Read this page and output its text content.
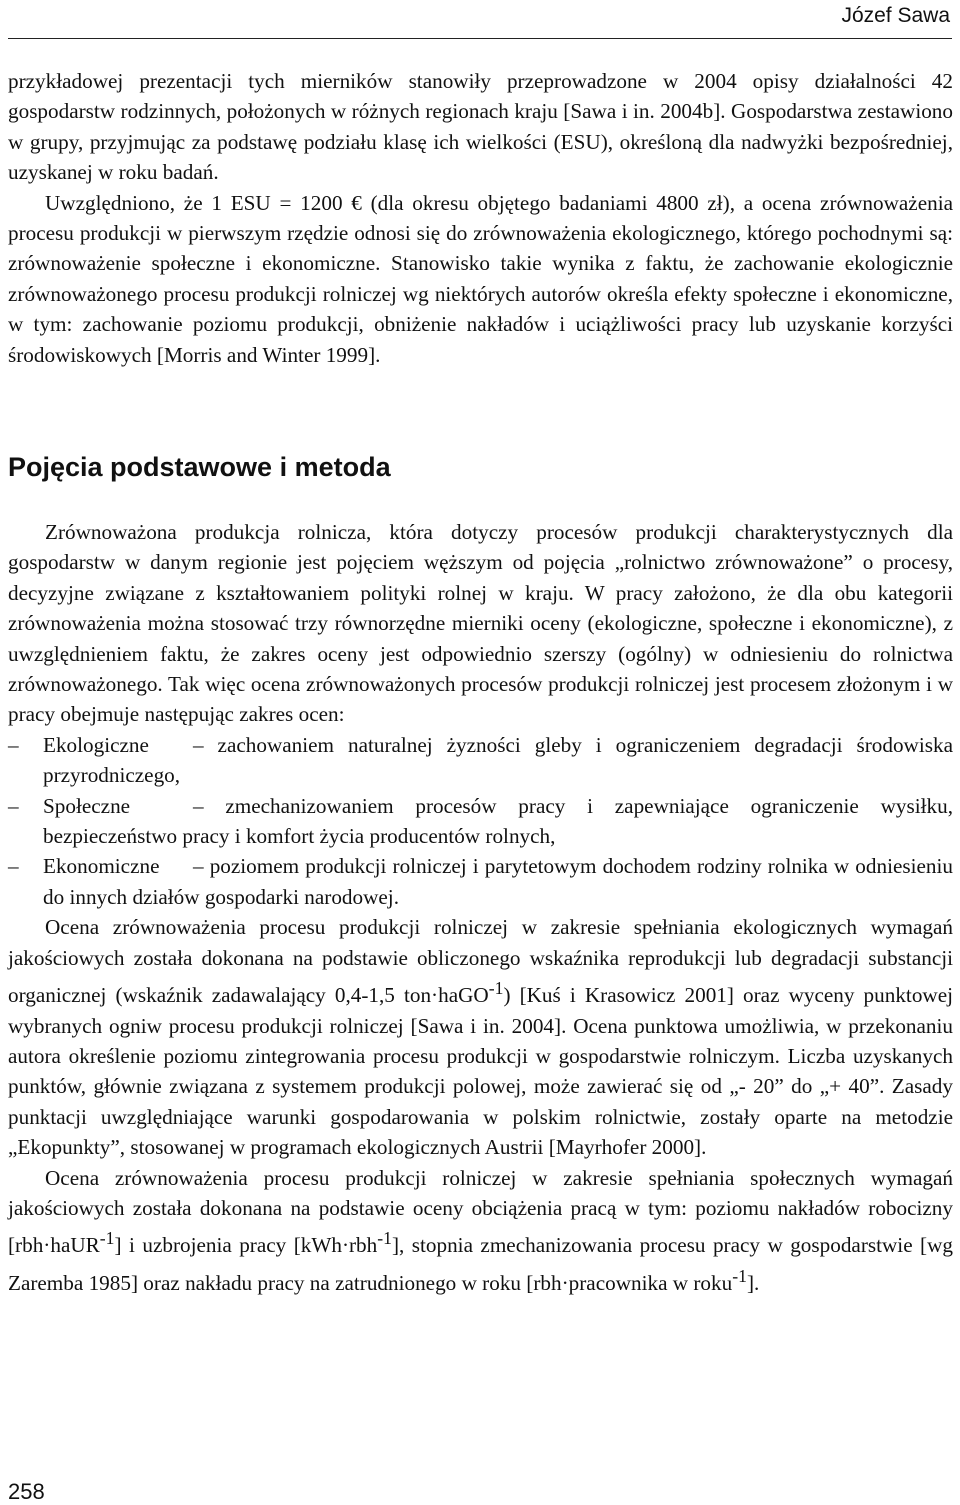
Józef Sawa

przykładowej prezentacji tych mierników stanowiły przeprowadzone w 2004 opisy działalności 42 gospodarstw rodzinnych, położonych w różnych regionach kraju [Sawa i in. 2004b]. Gospodarstwa zestawiono w grupy, przyjmując za podstawę podziału klasę ich wielkości (ESU), określoną dla nadwyżki bezpośredniej, uzyskanej w roku badań.

Uwzględniono, że 1 ESU = 1200 € (dla okresu objętego badaniami 4800 zł), a ocena zrównoważenia procesu produkcji w pierwszym rzędzie odnosi się do zrównoważenia ekologicznego, którego pochodnymi są: zrównoważenie społeczne i ekonomiczne. Stanowisko takie wynika z faktu, że zachowanie ekologicznie zrównoważonego procesu produkcji rolniczej wg niektórych autorów określa efekty społeczne i ekonomiczne, w tym: zachowanie poziomu produkcji, obniżenie nakładów i uciążliwości pracy lub uzyskanie korzyści środowiskowych [Morris and Winter 1999].

Pojęcia podstawowe i metoda

Zrównoważona produkcja rolnicza, która dotyczy procesów produkcji charakterystycznych dla gospodarstw w danym regionie jest pojęciem węższym od pojęcia „rolnictwo zrównoważone” o procesy, decyzyjne związane z kształtowaniem polityki rolnej w kraju. W pracy założono, że dla obu kategorii zrównoważenia można stosować trzy równorzędne mierniki oceny (ekologiczne, społeczne i ekonomiczne), z uwzględnieniem faktu, że zakres oceny jest odpowiednio szerszy (ogólny) w odniesieniu do rolnictwa zrównoważonego. Tak więc ocena zrównoważonych procesów produkcji rolniczej jest procesem złożonym i w pracy obejmuje następując zakres ocen:

– Ekologiczne – zachowaniem naturalnej żyzności gleby i ograniczeniem degradacji środowiska przyrodniczego,
– Społeczne	– zmechanizowaniem procesów pracy i zapewniające ograniczenie wysiłku, bezpieczeństwo pracy i komfort życia producentów rolnych,
– Ekonomiczne – poziomem produkcji rolniczej i parytetowym dochodem rodziny rolnika w odniesieniu do innych działów gospodarki narodowej.

Ocena zrównoważenia procesu produkcji rolniczej w zakresie spełniania ekologicznych wymagań jakościowych została dokonana na podstawie obliczonego wskaźnika reprodukcji lub degradacji substancji organicznej (wskaźnik zadawalający 0,4-1,5 ton·haGO$^{-1}$) [Kuś i Krasowicz 2001] oraz wyceny punktowej wybranych ogniw procesu produkcji rolniczej [Sawa i in. 2004]. Ocena punktowa umożliwia, w przekonaniu autora określenie poziomu zintegrowania procesu produkcji w gospodarstwie rolniczym. Liczba uzyskanych punktów, głównie związana z systemem produkcji polowej, może zawierać się od „- 20” do „+ 40”. Zasady punktacji uwzględniające warunki gospodarowania w polskim rolnictwie, zostały oparte na metodzie „Ekopunkty”, stosowanej w programach ekologicznych Austrii [Mayrhofer 2000].

Ocena zrównoważenia procesu produkcji rolniczej w zakresie spełniania społecznych wymagań jakościowych została dokonana na podstawie oceny obciążenia pracą w tym: poziomu nakładów robocizny [rbh·haUR$^{-1}$] i uzbrojenia pracy [kWh·rbh$^{-1}$], stopnia zmechanizowania procesu pracy w gospodarstwie [wg Zaremba 1985] oraz nakładu pracy na zatrudnionego w roku [rbh·pracownika w roku$^{-1}$].

258
